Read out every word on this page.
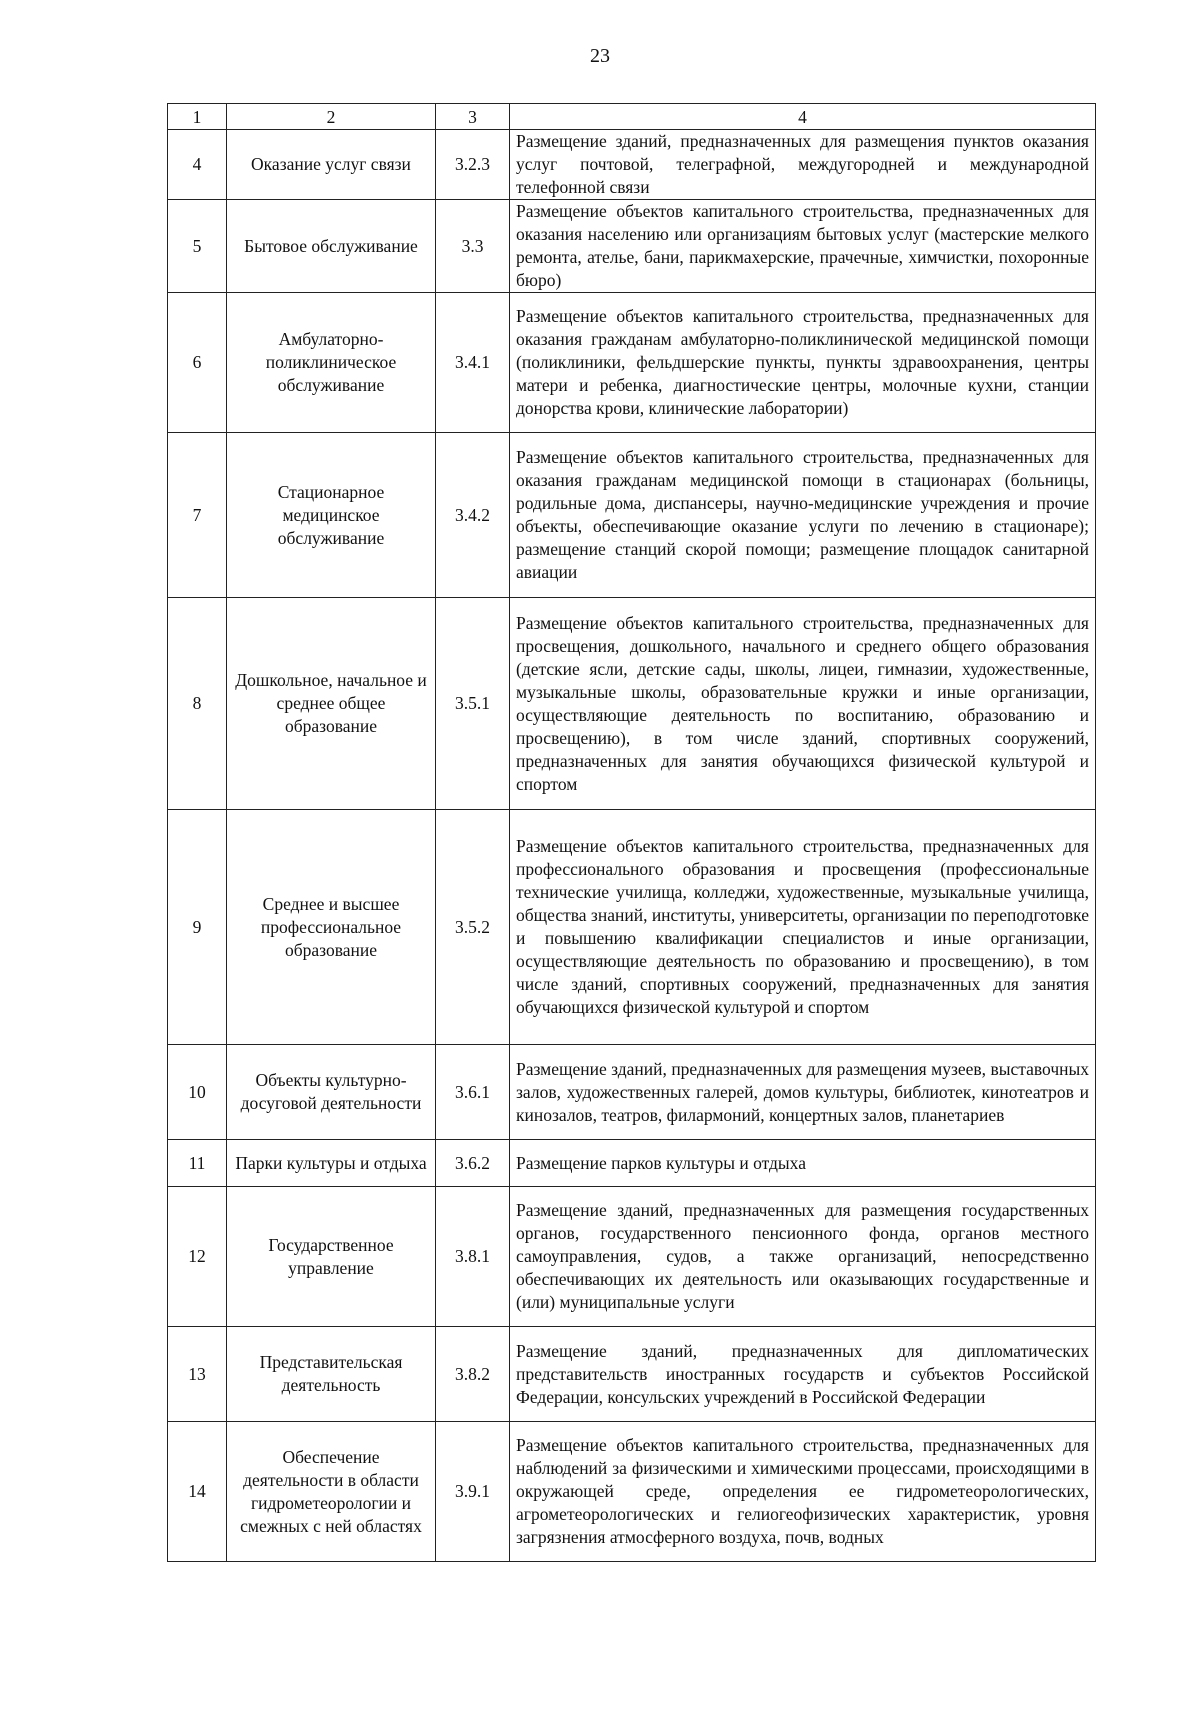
23
1	2	3	4
4	Оказание услуг связи	3.2.3	Размещение зданий, предназначенных для размещения пунктов оказания услуг почтовой, телеграфной, междугородней и международной телефонной связи
5	Бытовое обслуживание	3.3	Размещение объектов капитального строительства, предназначенных для оказания населению или организациям бытовых услуг (мастерские мелкого ремонта, ателье, бани, парикмахерские, прачечные, химчистки, похоронные бюро)
6	Амбулаторно-поликлиническое обслуживание	3.4.1	Размещение объектов капитального строительства, предназначенных для оказания гражданам амбулаторно-поликлинической медицинской помощи (поликлиники, фельдшерские пункты, пункты здравоохранения, центры матери и ребенка, диагностические центры, молочные кухни, станции донорства крови, клинические лаборатории)
7	Стационарное медицинское обслуживание	3.4.2	Размещение объектов капитального строительства, предназначенных для оказания гражданам медицинской помощи в стационарах (больницы, родильные дома, диспансеры, научно-медицинские учреждения и прочие объекты, обеспечивающие оказание услуги по лечению в стационаре); размещение станций скорой помощи; размещение площадок санитарной авиации
8	Дошкольное, начальное и среднее общее образование	3.5.1	Размещение объектов капитального строительства, предназначенных для просвещения, дошкольного, начального и среднего общего образования (детские ясли, детские сады, школы, лицеи, гимназии, художественные, музыкальные школы, образовательные кружки и иные организации, осуществляющие деятельность по воспитанию, образованию и просвещению), в том числе зданий, спортивных сооружений, предназначенных для занятия обучающихся физической культурой и спортом
9	Среднее и высшее профессиональное образование	3.5.2	Размещение объектов капитального строительства, предназначенных для профессионального образования и просвещения (профессиональные технические училища, колледжи, художественные, музыкальные училища, общества знаний, институты, университеты, организации по переподготовке и повышению квалификации специалистов и иные организации, осуществляющие деятельность по образованию и просвещению), в том числе зданий, спортивных сооружений, предназначенных для занятия обучающихся физической культурой и спортом
10	Объекты культурно-досуговой деятельности	3.6.1	Размещение зданий, предназначенных для размещения музеев, выставочных залов, художественных галерей, домов культуры, библиотек, кинотеатров и кинозалов, театров, филармоний, концертных залов, планетариев
11	Парки культуры и отдыха	3.6.2	Размещение парков культуры и отдыха
12	Государственное управление	3.8.1	Размещение зданий, предназначенных для размещения государственных органов, государственного пенсионного фонда, органов местного самоуправления, судов, а также организаций, непосредственно обеспечивающих их деятельность или оказывающих государственные и (или) муниципальные услуги
13	Представительская деятельность	3.8.2	Размещение зданий, предназначенных для дипломатических представительств иностранных государств и субъектов Российской Федерации, консульских учреждений в Российской Федерации
14	Обеспечение деятельности в области гидрометеорологии и смежных с ней областях	3.9.1	Размещение объектов капитального строительства, предназначенных для наблюдений за физическими и химическими процессами, происходящими в окружающей среде, определения ее гидрометеорологических, агрометеорологических и гелиогеофизических характеристик, уровня загрязнения атмосферного воздуха, почв, водных
